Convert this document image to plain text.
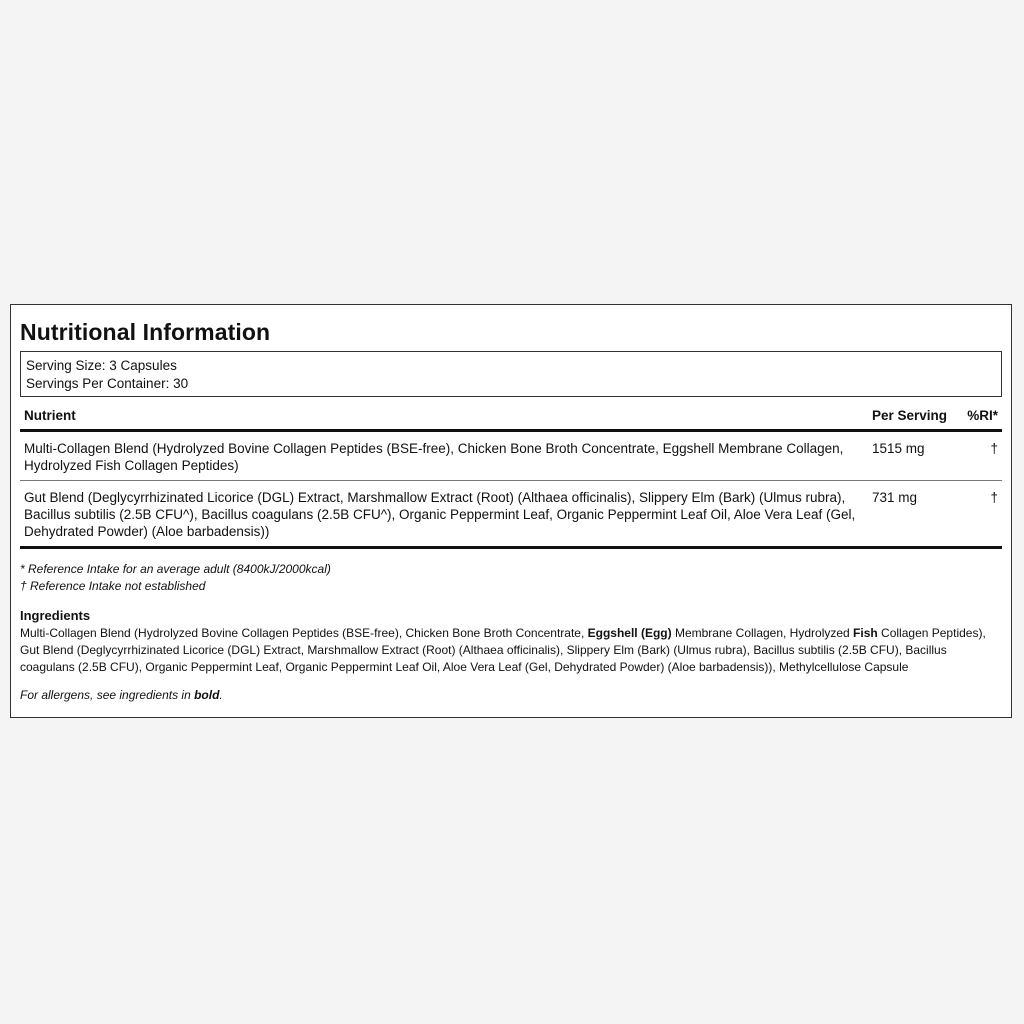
Nutritional Information
Serving Size: 3 Capsules
Servings Per Container: 30
Nutrient	Per Serving	%RI*
Multi-Collagen Blend (Hydrolyzed Bovine Collagen Peptides (BSE-free), Chicken Bone Broth Concentrate, Eggshell Membrane Collagen, Hydrolyzed Fish Collagen Peptides)	1515 mg	†
Gut Blend (Deglycyrrhizinated Licorice (DGL) Extract, Marshmallow Extract (Root) (Althaea officinalis), Slippery Elm (Bark) (Ulmus rubra), Bacillus subtilis (2.5B CFU^), Bacillus coagulans (2.5B CFU^), Organic Peppermint Leaf, Organic Peppermint Leaf Oil, Aloe Vera Leaf (Gel, Dehydrated Powder) (Aloe barbadensis))	731 mg	†
* Reference Intake for an average adult (8400kJ/2000kcal)
† Reference Intake not established
Ingredients
Multi-Collagen Blend (Hydrolyzed Bovine Collagen Peptides (BSE-free), Chicken Bone Broth Concentrate, Eggshell (Egg) Membrane Collagen, Hydrolyzed Fish Collagen Peptides), Gut Blend (Deglycyrrhizinated Licorice (DGL) Extract, Marshmallow Extract (Root) (Althaea officinalis), Slippery Elm (Bark) (Ulmus rubra), Bacillus subtilis (2.5B CFU), Bacillus coagulans (2.5B CFU), Organic Peppermint Leaf, Organic Peppermint Leaf Oil, Aloe Vera Leaf (Gel, Dehydrated Powder) (Aloe barbadensis)), Methylcellulose Capsule
For allergens, see ingredients in bold.
